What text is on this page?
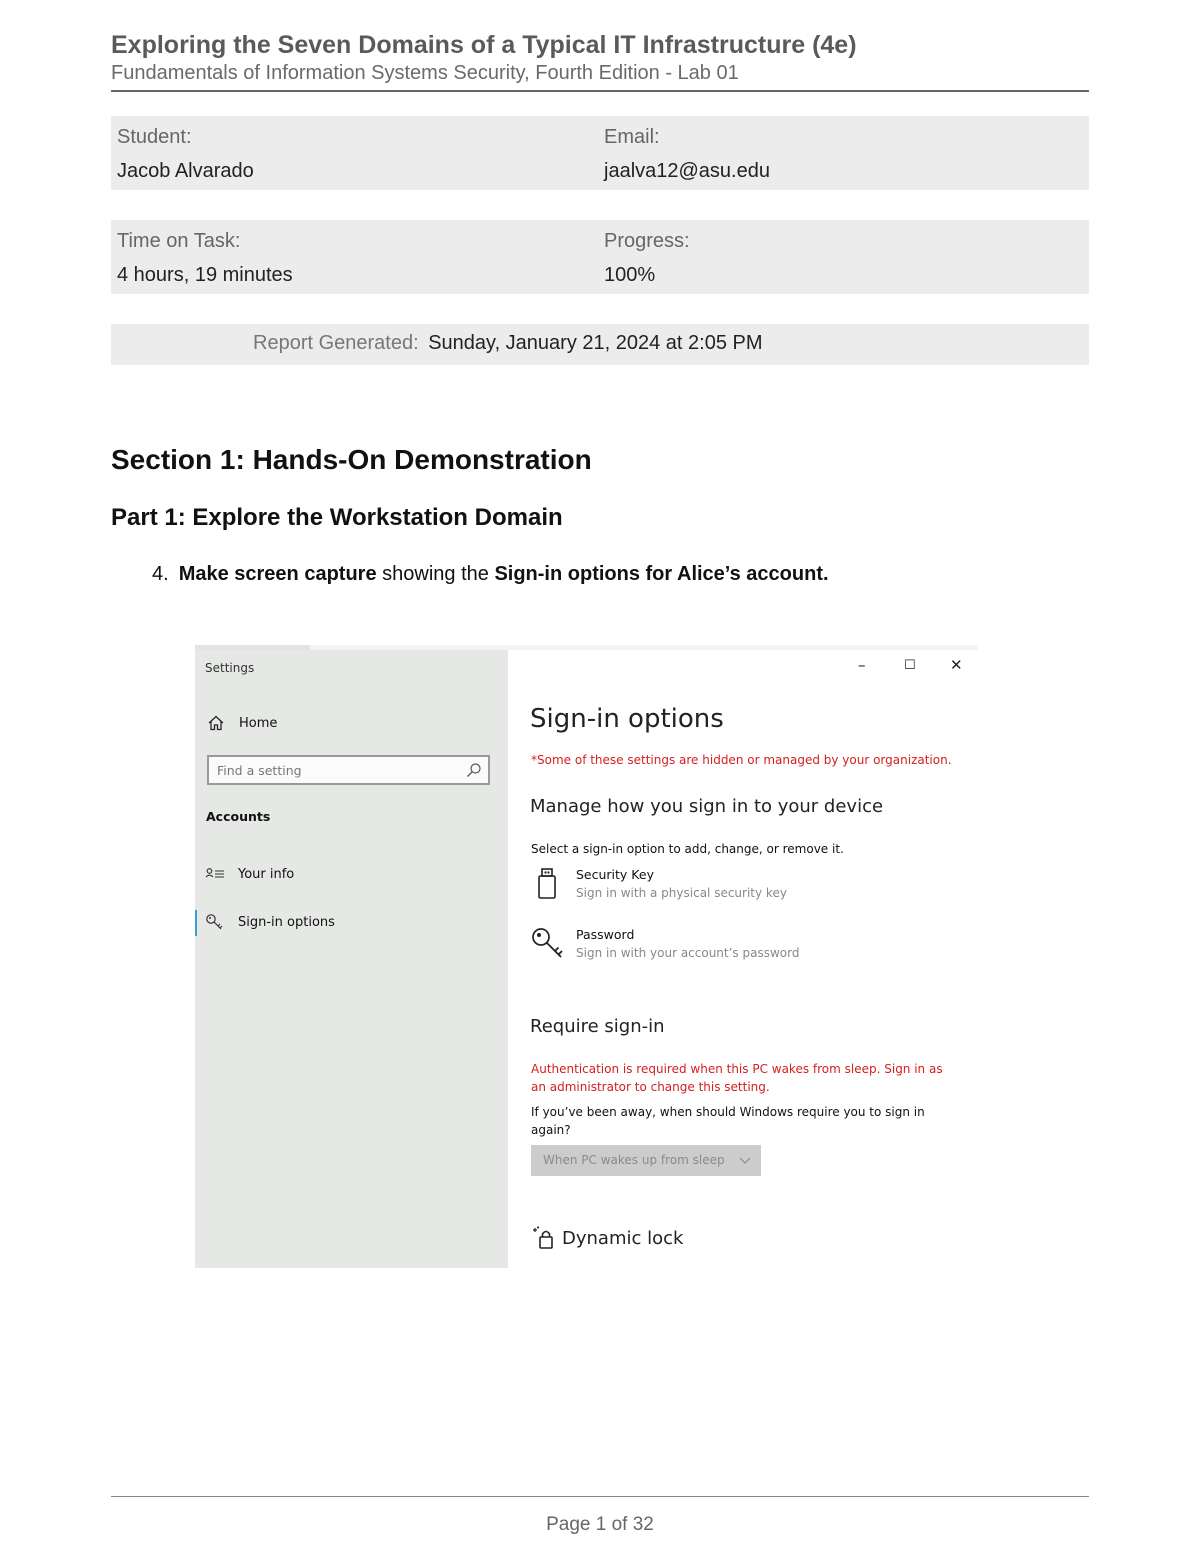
Exploring the Seven Domains of a Typical IT Infrastructure (4e)
Fundamentals of Information Systems Security, Fourth Edition - Lab 01
Student:
Jacob Alvarado
Email:
jaalva12@asu.edu
Time on Task:
4 hours, 19 minutes
Progress:
100%
Report Generated: Sunday, January 21, 2024 at 2:05 PM
Section 1: Hands-On Demonstration
Part 1: Explore the Workstation Domain
4. Make screen capture showing the Sign-in options for Alice’s account.
Settings
Home
Find a setting
Accounts
Your info
Sign-in options
–	☐ ✕
Sign-in options
*Some of these settings are hidden or managed by your organization.
Manage how you sign in to your device
Select a sign-in option to add, change, or remove it.
Security Key
Sign in with a physical security key
Password
Sign in with your account’s password
Require sign-in
Authentication is required when this PC wakes from sleep. Sign in as an administrator to change this setting.
If you’ve been away, when should Windows require you to sign in again?
When PC wakes up from sleep
Dynamic lock
Page 1 of 32
